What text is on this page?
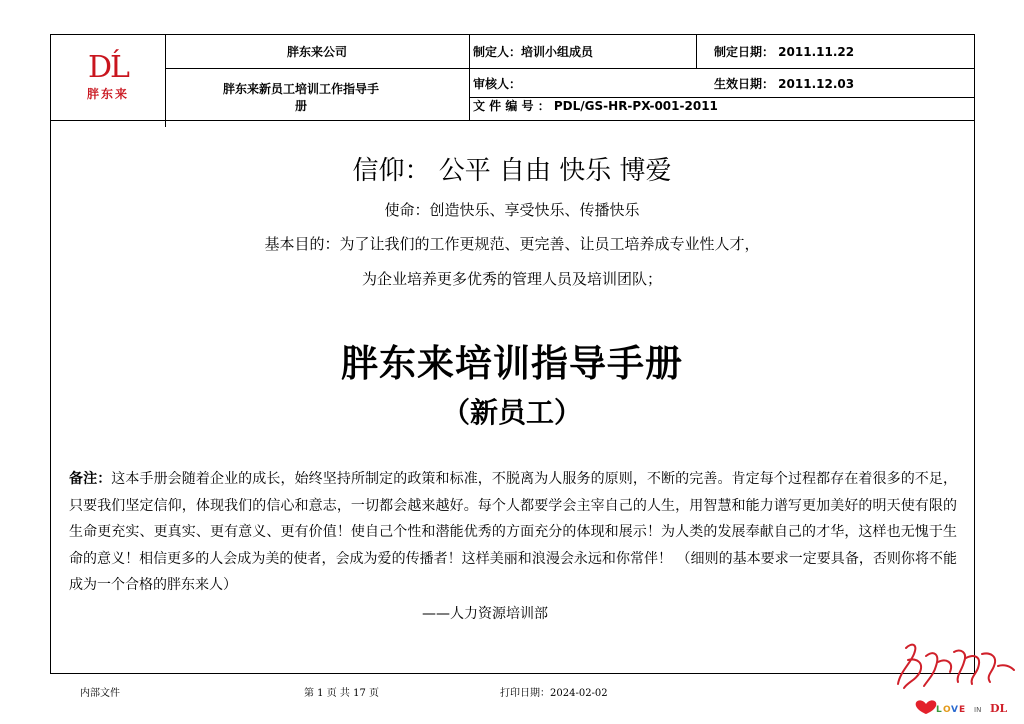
DĹ
胖东来
胖东来公司
胖东来新员工培训工作指导手册
制定人：培训小组成员	制定日期： 2011.11.22
审核人：	生效日期： 2011.12.03
文 件 编 号 ： PDL/GS-HR-PX-001-2011
信仰： 公平 自由 快乐 博爱
使命：创造快乐、享受快乐、传播快乐
基本目的：为了让我们的工作更规范、更完善、让员工培养成专业性人才，
为企业培养更多优秀的管理人员及培训团队；
胖东来培训指导手册
（新员工）
备注：这本手册会随着企业的成长，始终坚持所制定的政策和标准，不脱离为人服务的原则，不断的完善。肯定每个过程都存在着很多的不足，只要我们坚定信仰，体现我们的信心和意志，一切都会越来越好。每个人都要学会主宰自己的人生，用智慧和能力谱写更加美好的明天使有限的生命更充实、更真实、更有意义、更有价值！使自己个性和潜能优秀的方面充分的体现和展示！为人类的发展奉献自己的才华，这样也无愧于生命的意义！相信更多的人会成为美的使者，会成为爱的传播者！这样美丽和浪漫会永远和你常伴！ （细则的基本要求一定要具备，否则你将不能成为一个合格的胖东来人）
——人力资源培训部
内部文件	第 1 页 共 17 页	打印日期：2024-02-02
L O V E IN DL
